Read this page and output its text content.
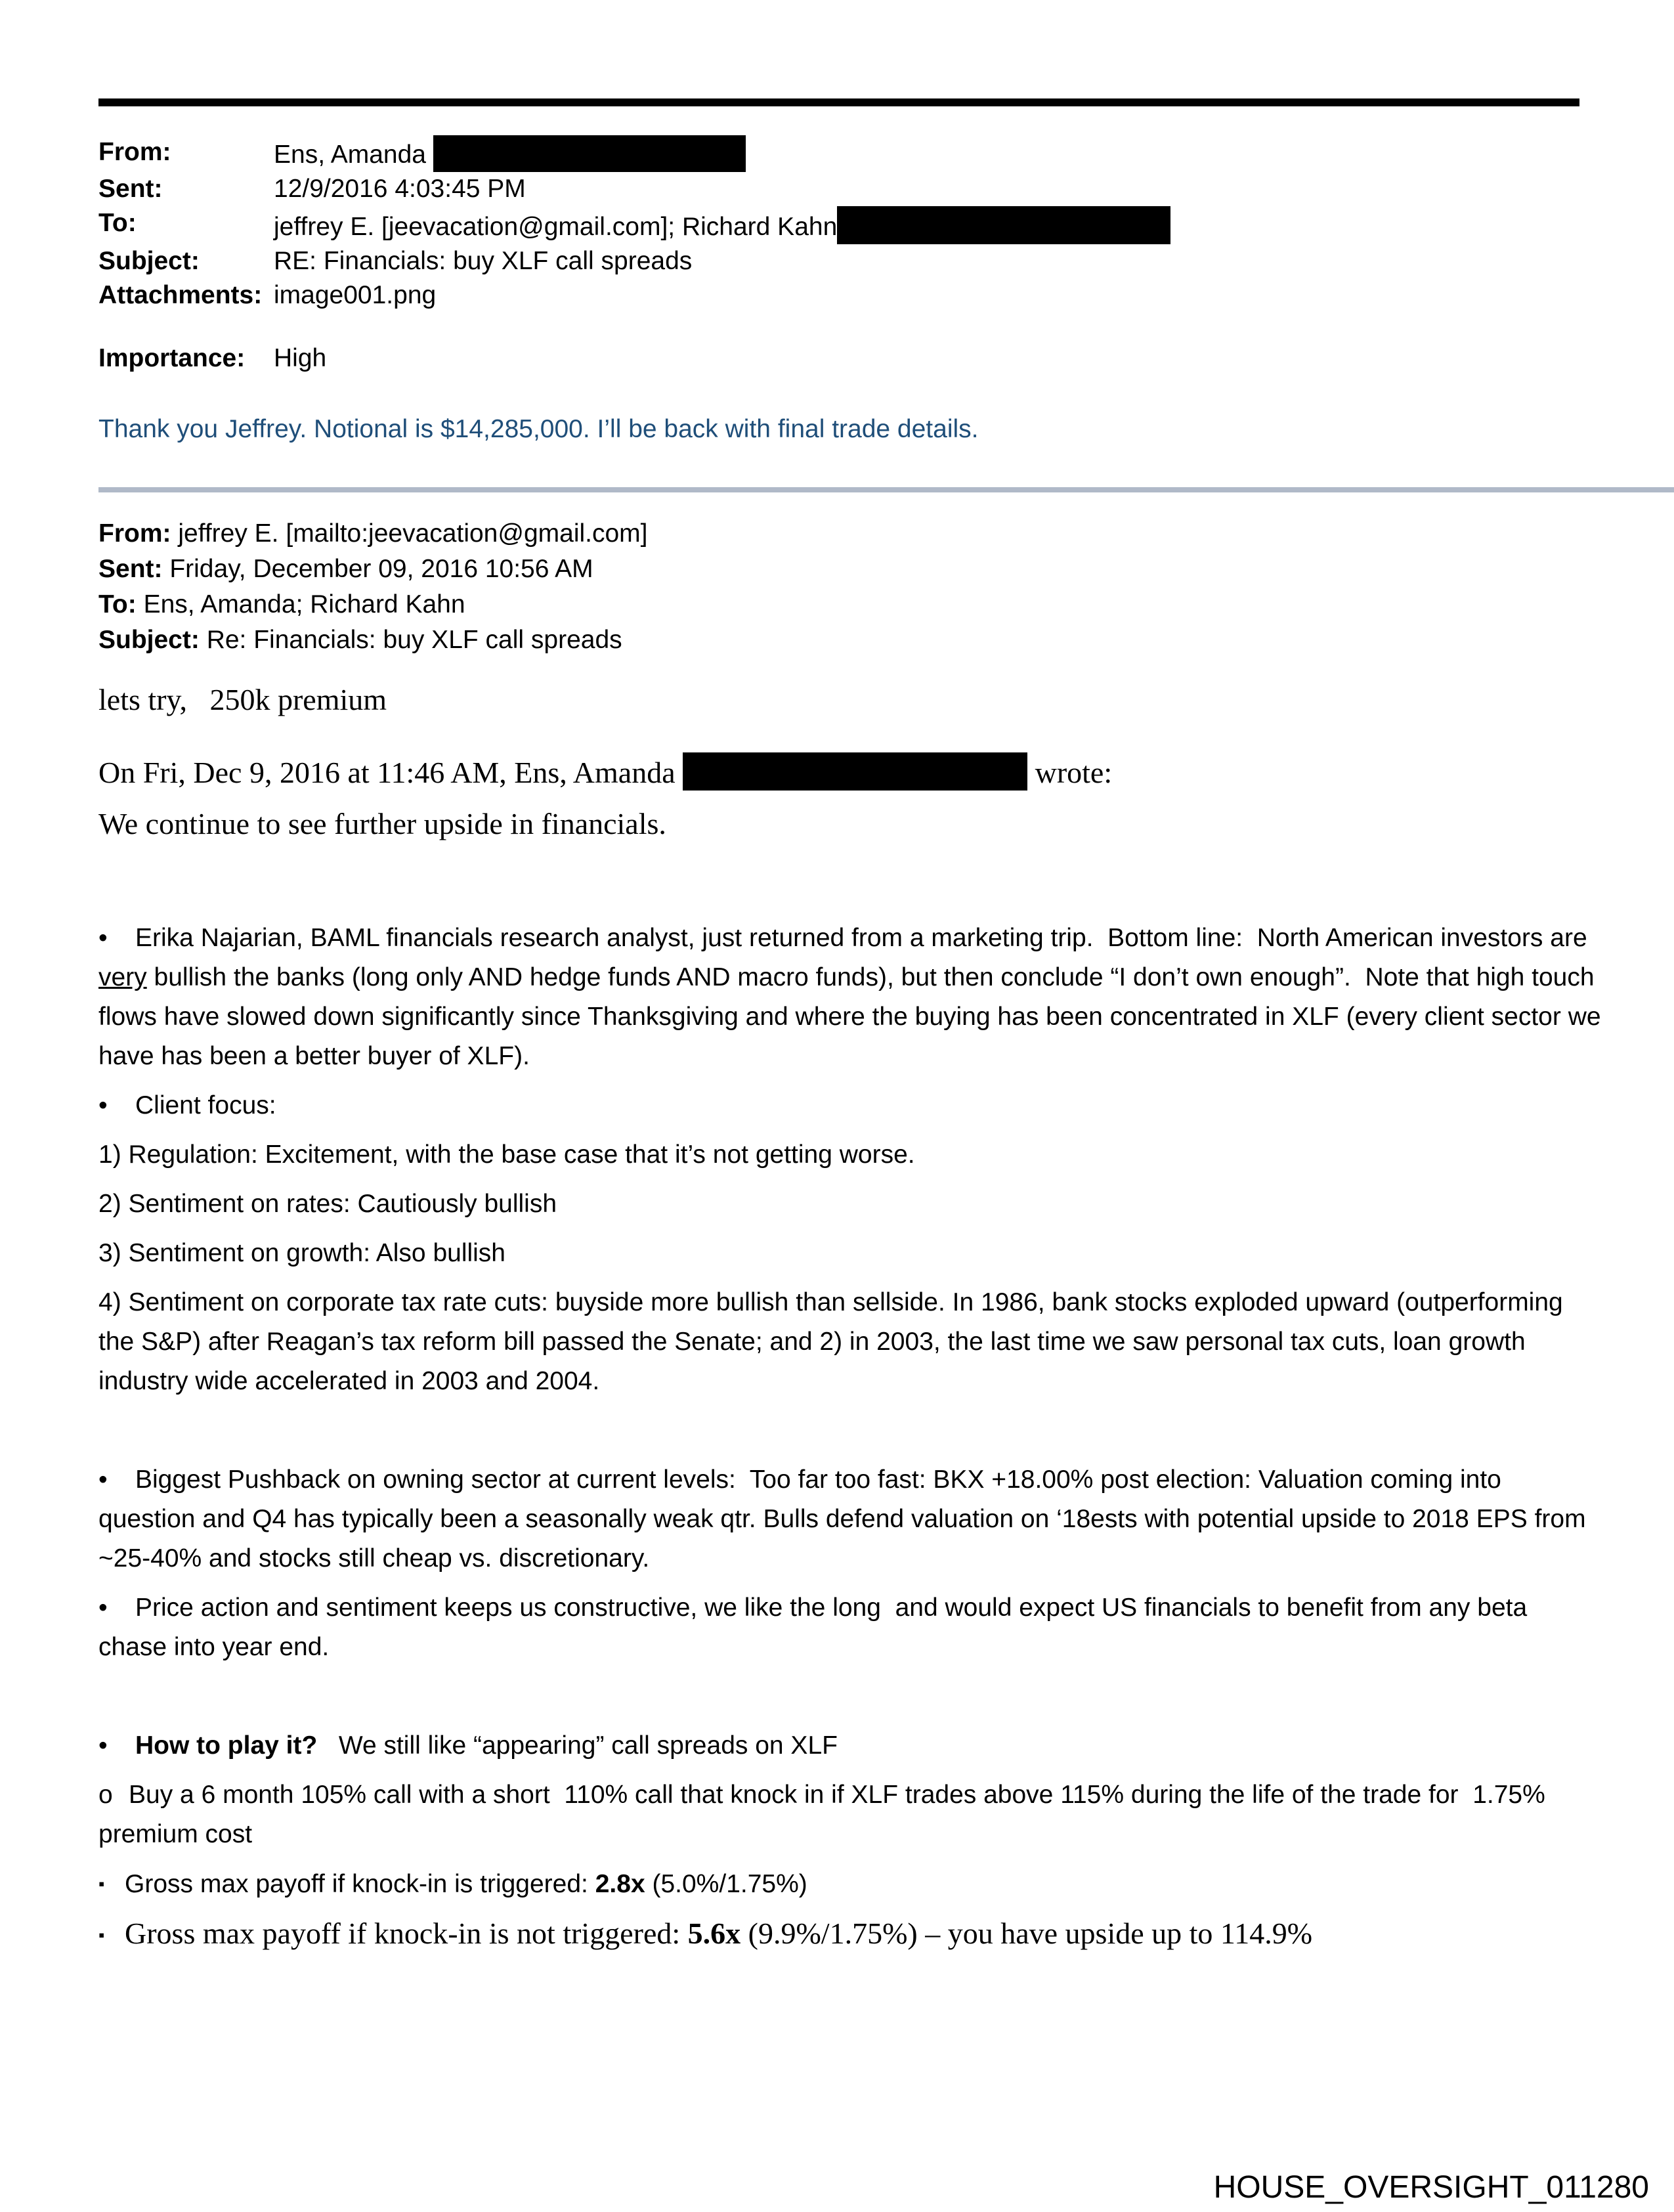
From:	Ens, Amanda
Sent:	12/9/2016 4:03:45 PM
To:	jeffrey E. [jeevacation@gmail.com]; Richard Kahn
Subject:	RE: Financials: buy XLF call spreads
Attachments: image001.png
Importance:	High
Thank you Jeffrey. Notional is $14,285,000. I’ll be back with final trade details.
From: jeffrey E. [mailto:jeevacation@gmail.com]
Sent: Friday, December 09, 2016 10:56 AM
To: Ens, Amanda; Richard Kahn
Subject: Re: Financials: buy XLF call spreads
lets try,   250k premium
On Fri, Dec 9, 2016 at 11:46 AM, Ens, Amanda	wrote:
We continue to see further upside in financials.

• Erika Najarian, BAML financials research analyst, just returned from a marketing trip.  Bottom line:  North American investors are very bullish the banks (long only AND hedge funds AND macro funds), but then conclude “I don’t own enough”.  Note that high touch flows have slowed down significantly since Thanksgiving and where the buying has been concentrated in XLF (every client sector we have has been a better buyer of XLF).

• Client focus:

1) Regulation: Excitement, with the base case that it’s not getting worse.

2) Sentiment on rates: Cautiously bullish

3) Sentiment on growth: Also bullish

4) Sentiment on corporate tax rate cuts: buyside more bullish than sellside. In 1986, bank stocks exploded upward (outperforming the S&P) after Reagan’s tax reform bill passed the Senate; and 2) in 2003, the last time we saw personal tax cuts, loan growth industry wide accelerated in 2003 and 2004.

• Biggest Pushback on owning sector at current levels:  Too far too fast: BKX +18.00% post election: Valuation coming into question and Q4 has typically been a seasonally weak qtr. Bulls defend valuation on ‘18ests with potential upside to 2018 EPS from ~25-40% and stocks still cheap vs. discretionary.

• Price action and sentiment keeps us constructive, we like the long  and would expect US financials to benefit from any beta chase into year end.

• How to play it?   We still like “appearing” call spreads on XLF

o Buy a 6 month 105% call with a short  110% call that knock in if XLF trades above 115% during the life of the trade for  1.75% premium cost

▪ Gross max payoff if knock-in is triggered: 2.8x (5.0%/1.75%)

▪ Gross max payoff if knock-in is not triggered: 5.6x (9.9%/1.75%) – you have upside up to 114.9%

HOUSE_OVERSIGHT_011280
